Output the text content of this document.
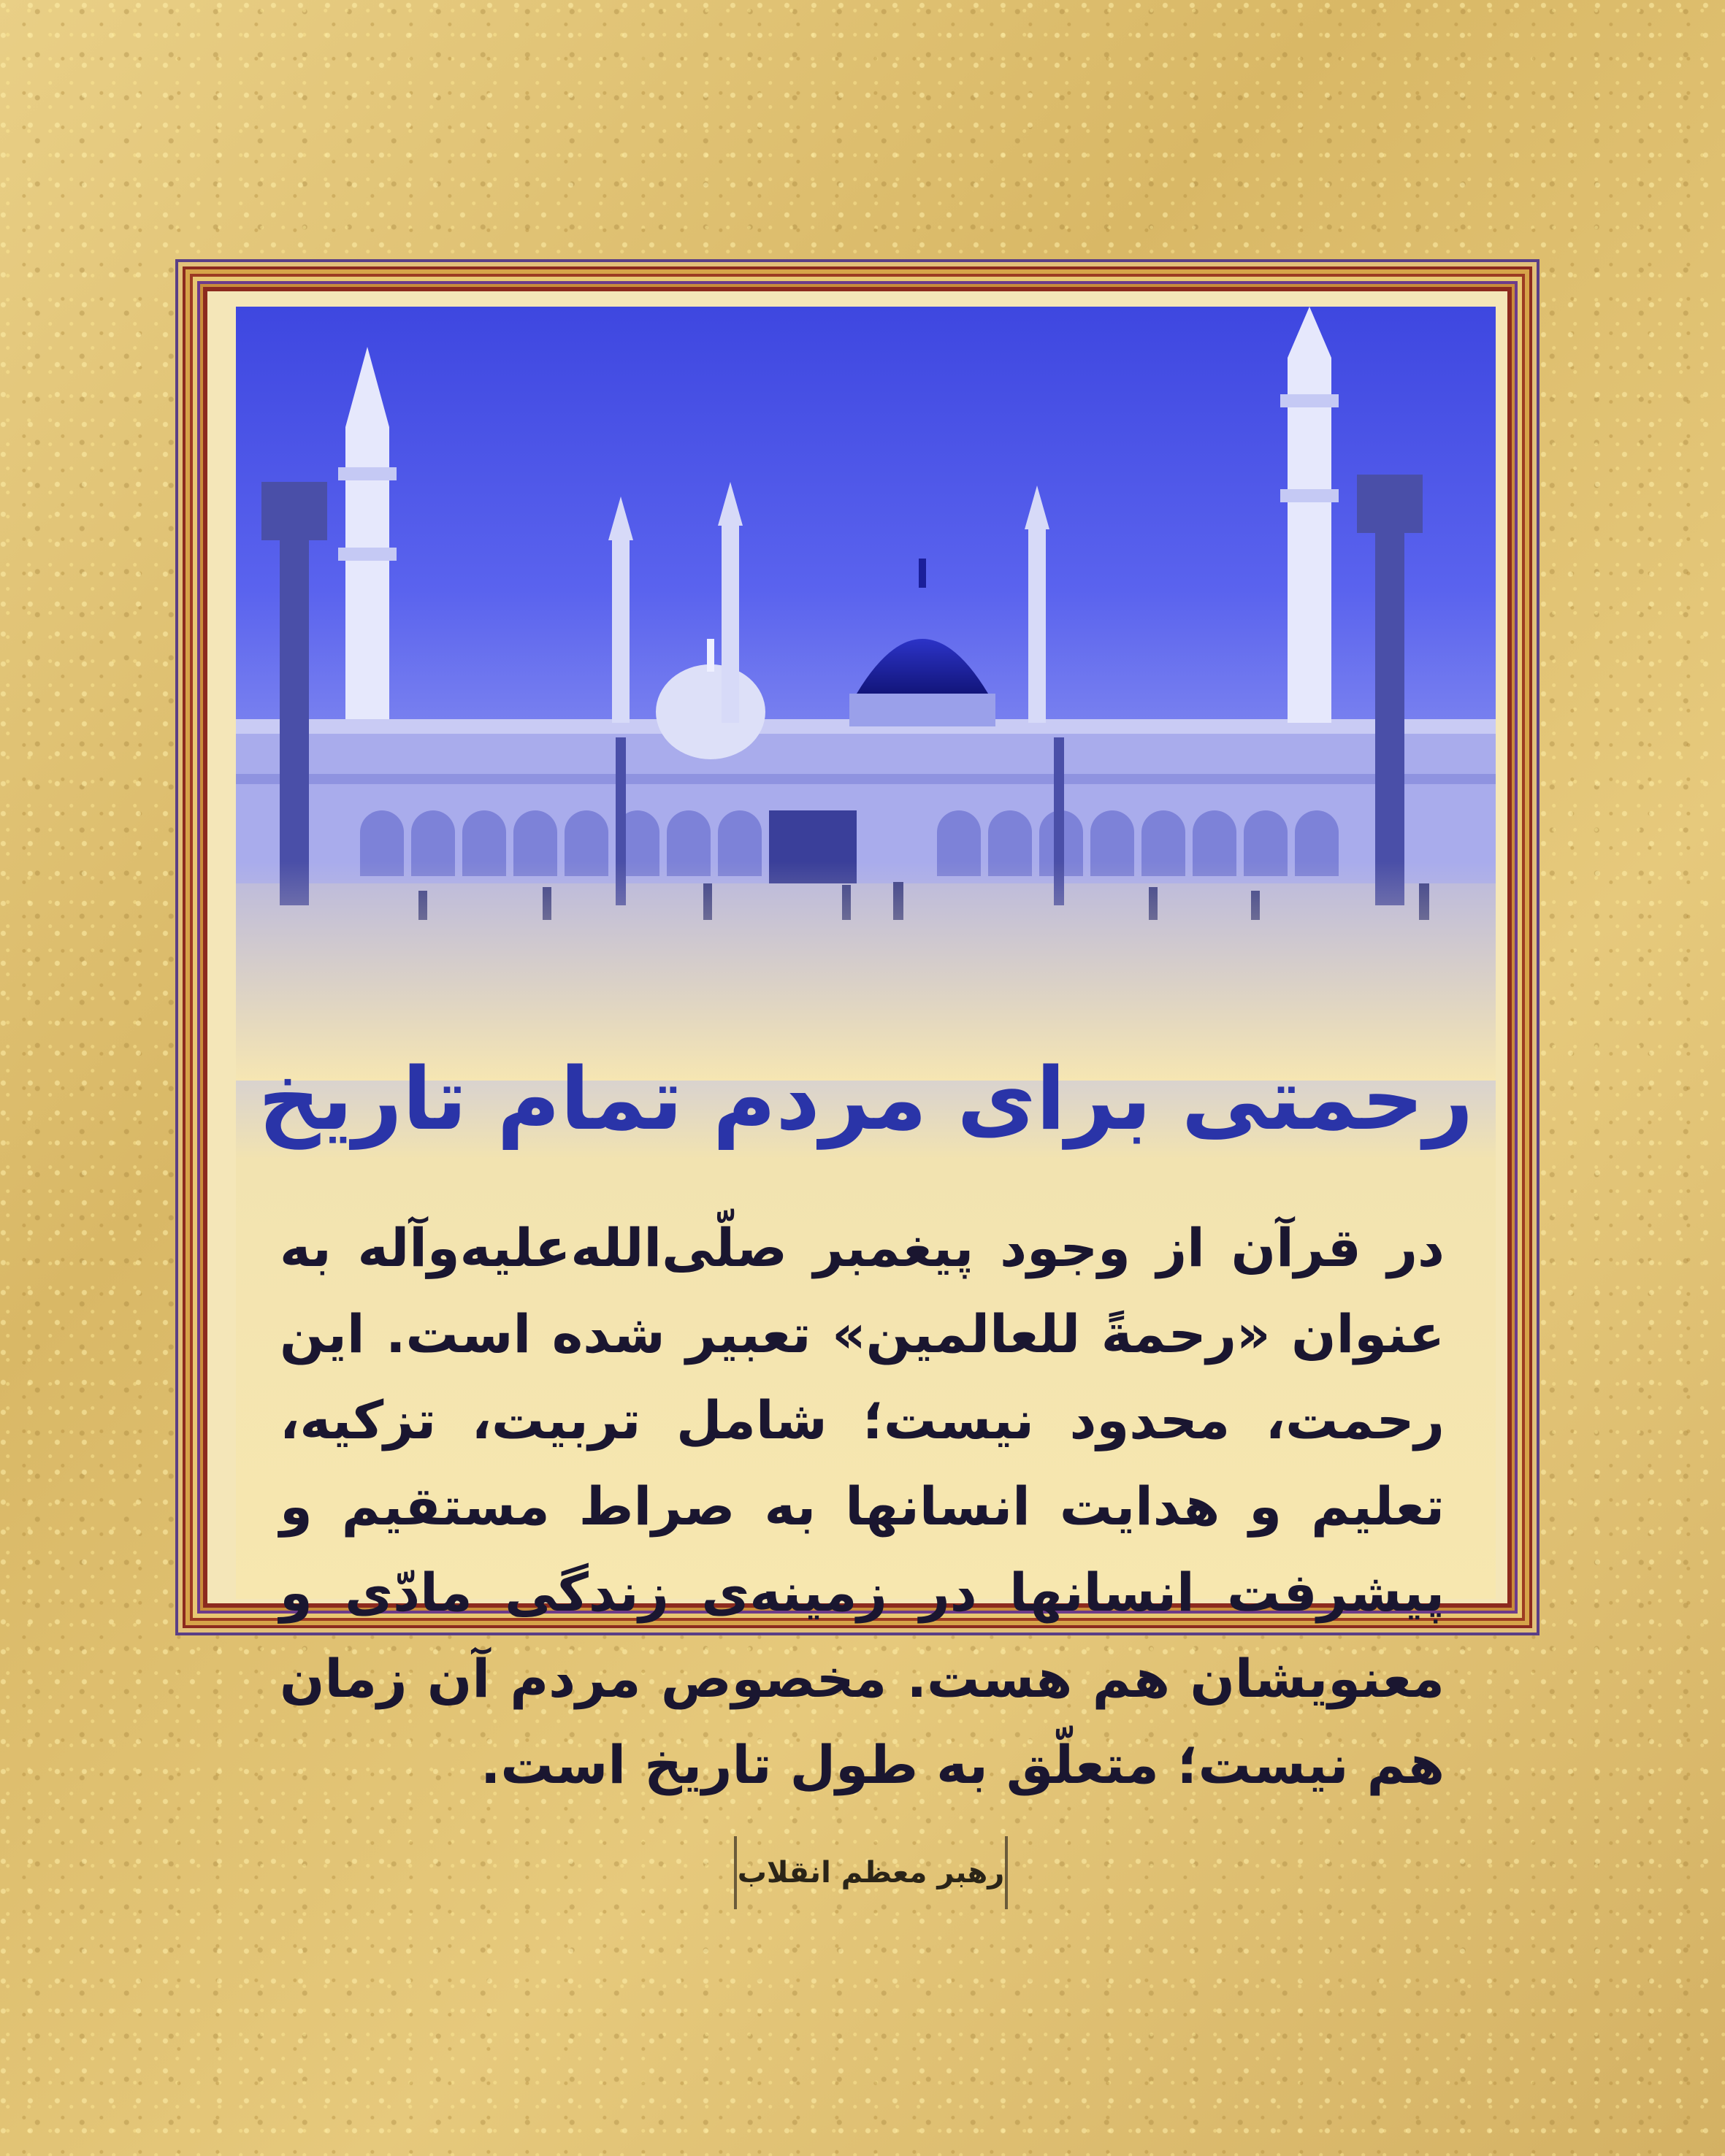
رحمتی برای مردم تمام تاریخ
در قرآن از وجود پیغمبر صلّی‌الله‌علیه‌وآله به عنوان «رحمةً للعالمین» تعبیر شده است. این رحمت، محدود نیست؛ شامل تربیت، تزکیه، تعلیم و هدایت انسانها به صراط مستقیم و پیشرفت انسانها در زمینه‌ی زندگی مادّی و معنویشان هم هست. مخصوص مردم آن زمان هم نیست؛ متعلّق به طول تاریخ است.
رهبر معظم انقلاب
